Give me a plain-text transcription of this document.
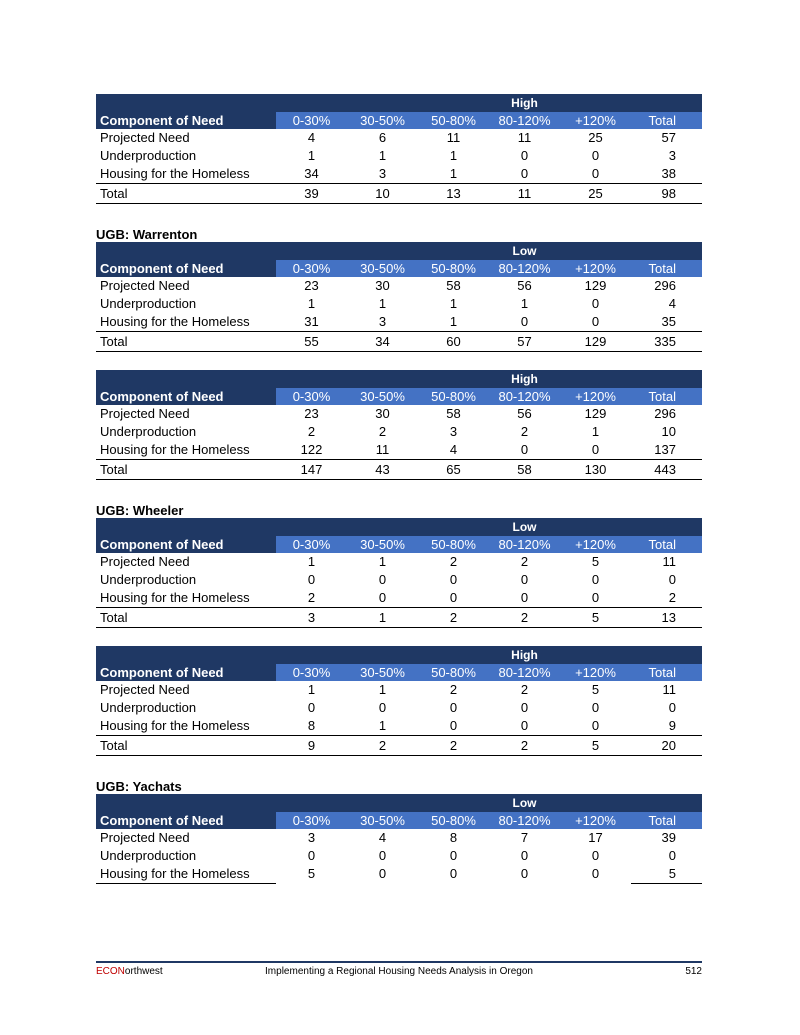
				High		
Component of Need	0-30%	30-50%	50-80%	80-120%	+120%	Total
Projected Need	4	6	11	11	25	57
Underproduction	1	1	1	0	0	3
Housing for the Homeless	34	3	1	0	0	38
Total	39	10	13	11	25	98
UGB: Warrenton
				Low		
Component of Need	0-30%	30-50%	50-80%	80-120%	+120%	Total
Projected Need	23	30	58	56	129	296
Underproduction	1	1	1	1	0	4
Housing for the Homeless	31	3	1	0	0	35
Total	55	34	60	57	129	335
				High		
Component of Need	0-30%	30-50%	50-80%	80-120%	+120%	Total
Projected Need	23	30	58	56	129	296
Underproduction	2	2	3	2	1	10
Housing for the Homeless	122	11	4	0	0	137
Total	147	43	65	58	130	443
UGB: Wheeler
				Low		
Component of Need	0-30%	30-50%	50-80%	80-120%	+120%	Total
Projected Need	1	1	2	2	5	11
Underproduction	0	0	0	0	0	0
Housing for the Homeless	2	0	0	0	0	2
Total	3	1	2	2	5	13
				High		
Component of Need	0-30%	30-50%	50-80%	80-120%	+120%	Total
Projected Need	1	1	2	2	5	11
Underproduction	0	0	0	0	0	0
Housing for the Homeless	8	1	0	0	0	9
Total	9	2	2	2	5	20
UGB: Yachats
				Low		
Component of Need	0-30%	30-50%	50-80%	80-120%	+120%	Total
Projected Need	3	4	8	7	17	39
Underproduction	0	0	0	0	0	0
Housing for the Homeless	5	0	0	0	0	5
ECONorthwest	Implementing a Regional Housing Needs Analysis in Oregon	512
